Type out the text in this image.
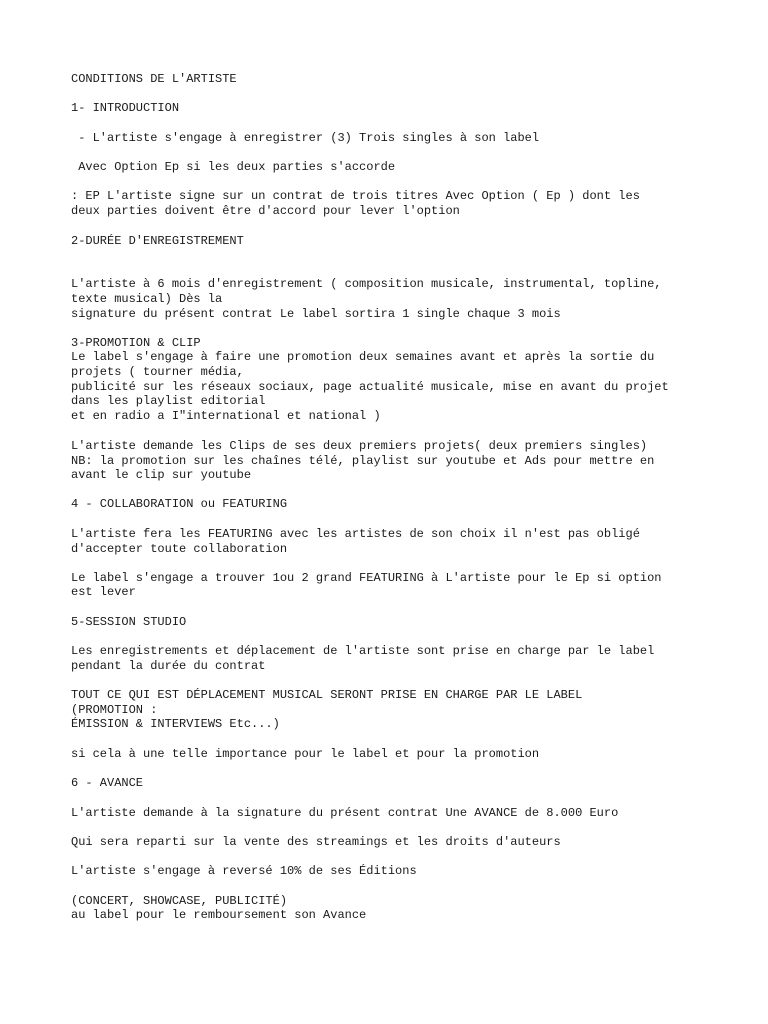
CONDITIONS DE L'ARTISTE
1- INTRODUCTION
- L'artiste s'engage à enregistrer (3) Trois singles à son label
Avec Option Ep si les deux parties s'accorde
: EP L'artiste signe sur un contrat de trois titres Avec Option ( Ep ) dont les
deux parties doivent être d'accord pour lever l'option
2-DURÉE D'ENREGISTREMENT
L'artiste à 6 mois d'enregistrement ( composition musicale, instrumental, topline,
texte musical) Dès la
signature du présent contrat Le label sortira 1 single chaque 3 mois
3-PROMOTION & CLIP
Le label s'engage à faire une promotion deux semaines avant et après la sortie du
projets ( tourner média,
publicité sur les réseaux sociaux, page actualité musicale, mise en avant du projet
dans les playlist editorial
et en radio a I"international et national )
L'artiste demande les Clips de ses deux premiers projets( deux premiers singles)
NB: la promotion sur les chaînes télé, playlist sur youtube et Ads pour mettre en
avant le clip sur youtube
4 - COLLABORATION ou FEATURING
L'artiste fera les FEATURING avec les artistes de son choix il n'est pas obligé
d'accepter toute collaboration
Le label s'engage a trouver 1ou 2 grand FEATURING à L'artiste pour le Ep si option
est lever
5-SESSION STUDIO
Les enregistrements et déplacement de l'artiste sont prise en charge par le label
pendant la durée du contrat
TOUT CE QUI EST DÉPLACEMENT MUSICAL SERONT PRISE EN CHARGE PAR LE LABEL
(PROMOTION :
ÉMISSION & INTERVIEWS Etc...)
si cela à une telle importance pour le label et pour la promotion
6 - AVANCE
L'artiste demande à la signature du présent contrat Une AVANCE de 8.000 Euro
Qui sera reparti sur la vente des streamings et les droits d'auteurs
L'artiste s'engage à reversé 10% de ses Éditions
(CONCERT, SHOWCASE, PUBLICITÉ)
au label pour le remboursement son Avance
